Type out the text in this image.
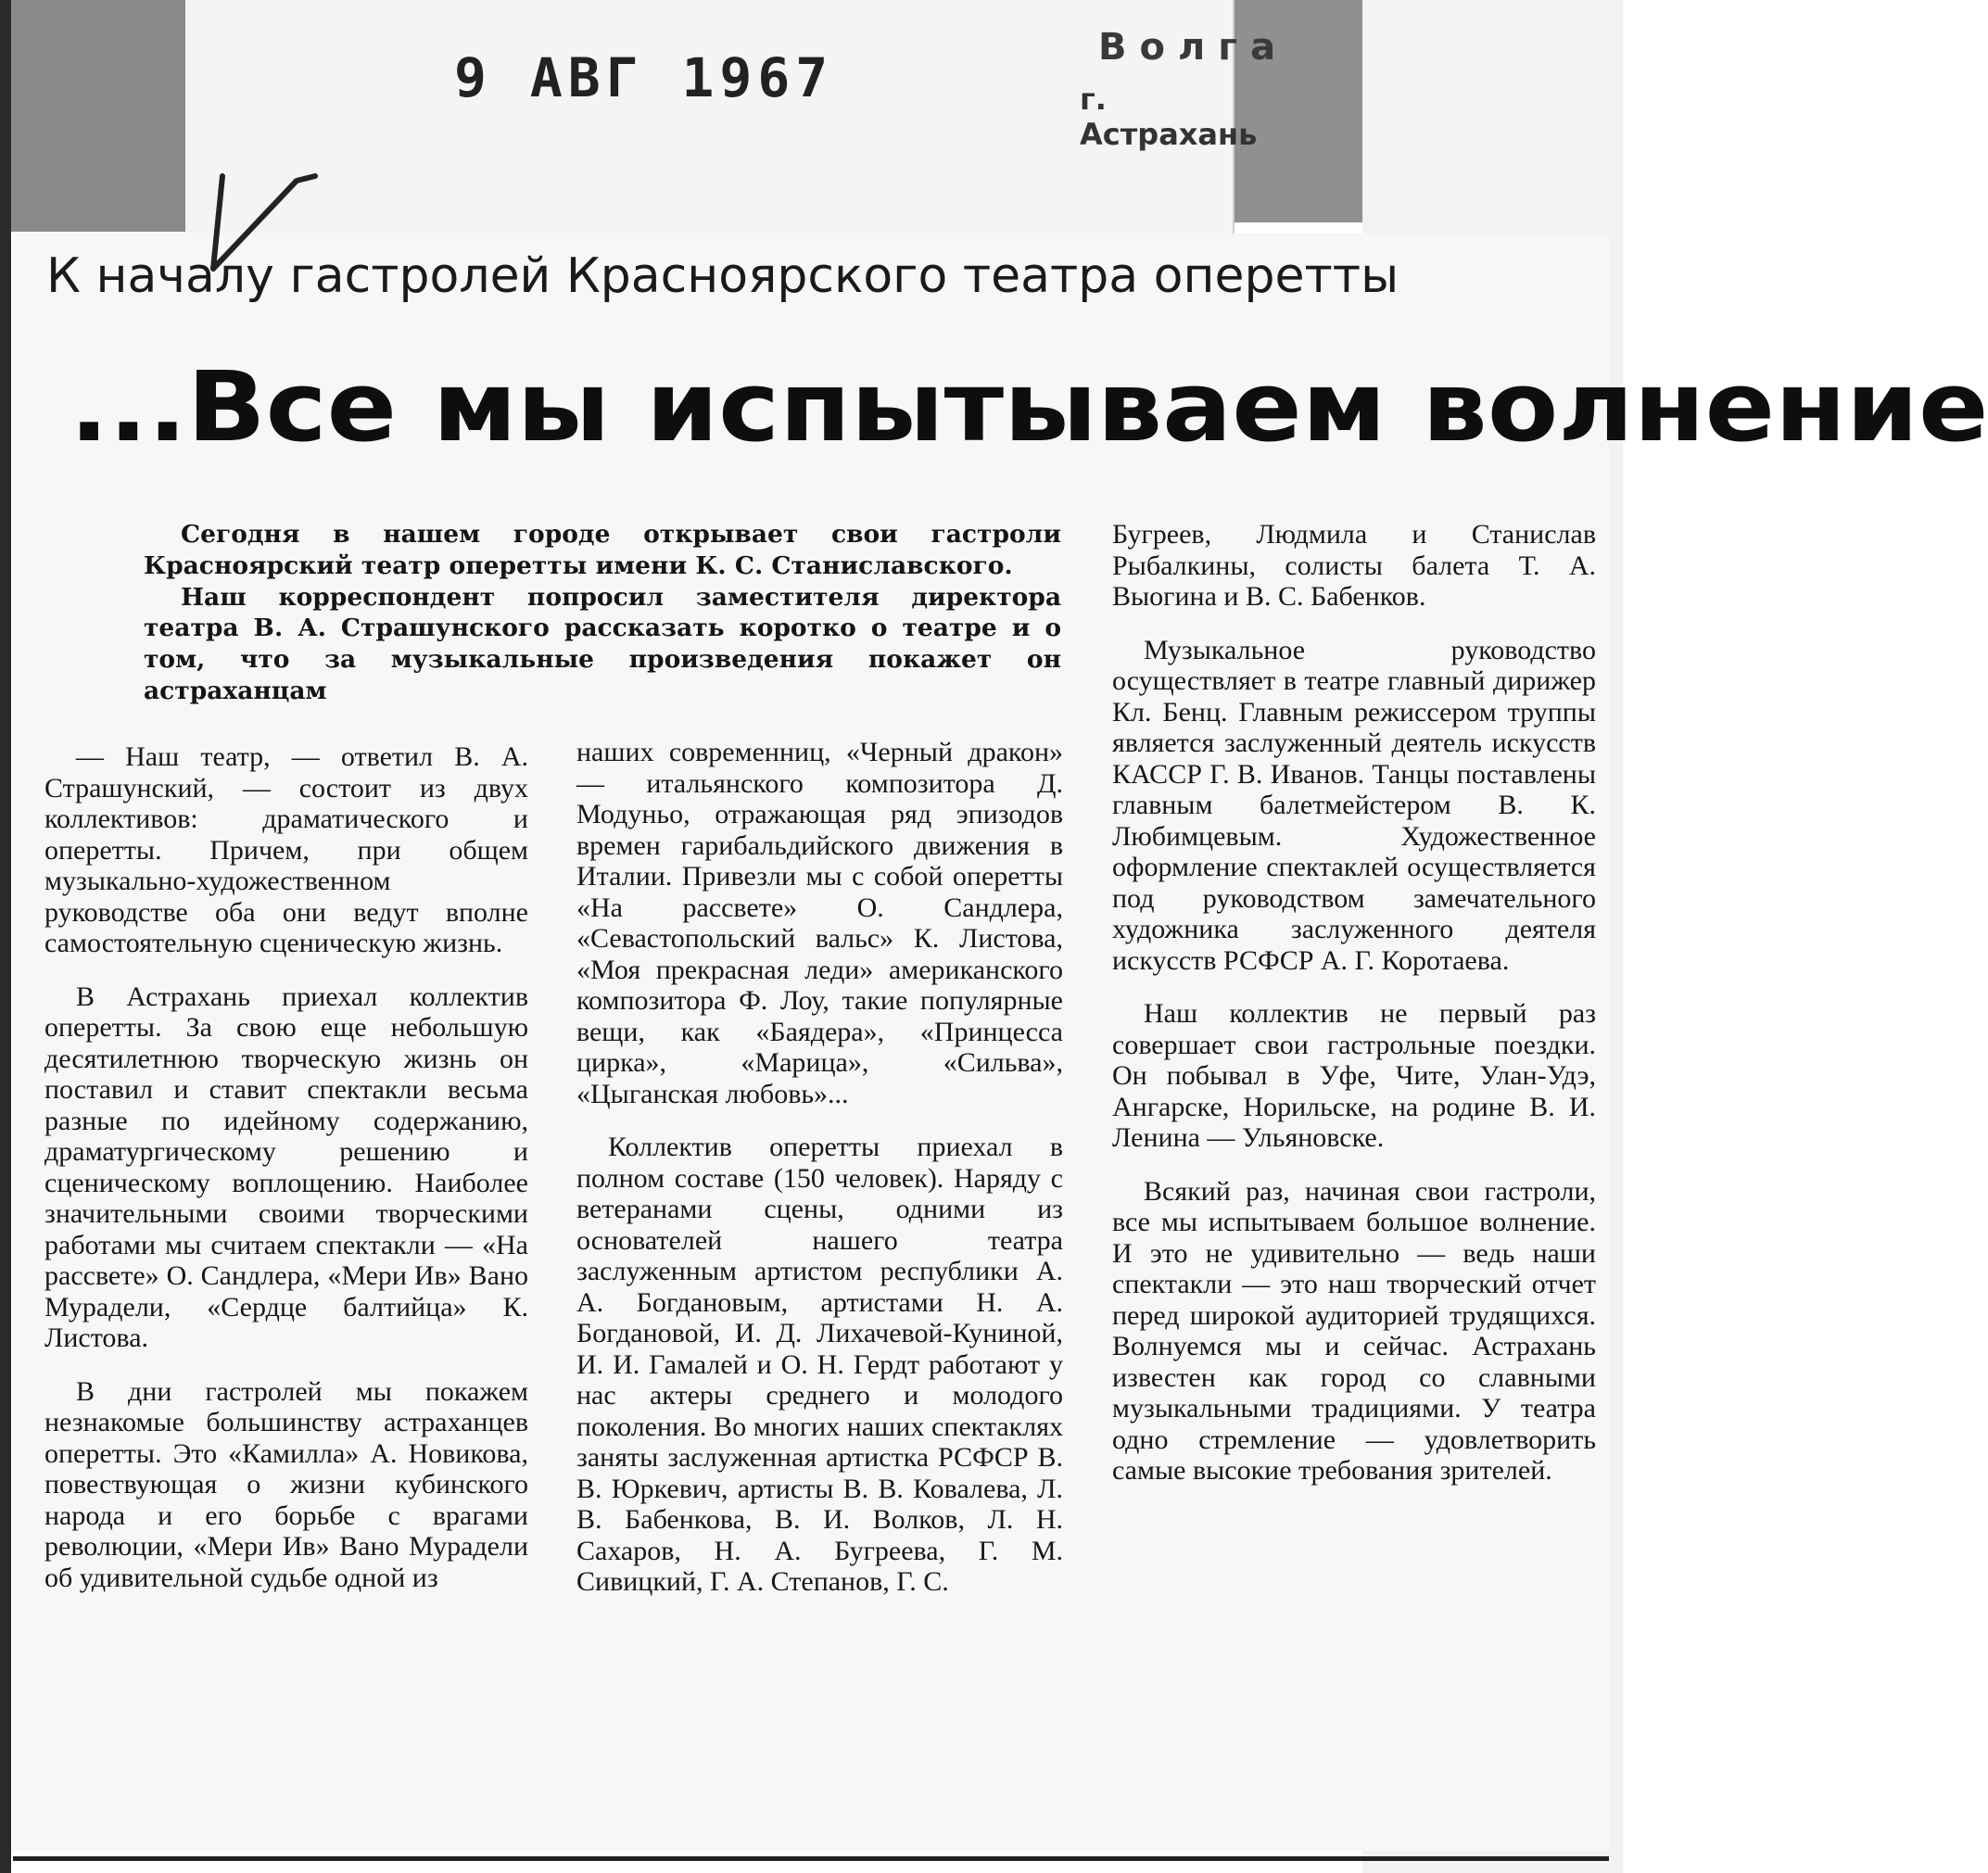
9 АВГ 1967	Волга
г. Астрахань
К началу гастролей Красноярского театра оперетты
...Все мы испытываем волнение

Сегодня в нашем городе открывает свои гастроли Красноярский театр оперетты имени К. С. Станиславского.

Наш корреспондент попросил заместителя директора театра В. А. Страшунского рассказать коротко о театре и о том, что за музыкальные произведения покажет он астраханцам

— Наш театр, — ответил В. А. Страшунский, — состоит из двух коллективов: драматического и оперетты. Причем, при общем музыкально-художественном руководстве оба они ведут вполне самостоятельную сценическую жизнь.

В Астрахань приехал коллектив оперетты. За свою еще небольшую десятилетнюю творческую жизнь он поставил и ставит спектакли весьма разные по идейному содержанию, драматургическому решению и сценическому воплощению. Наиболее значительными своими творческими работами мы считаем спектакли — «На рассвете» О. Сандлера, «Мери Ив» Вано Мурадели, «Сердце балтийца» К. Листова.

В дни гастролей мы покажем незнакомые большинству астраханцев оперетты. Это «Камилла» А. Новикова, повествующая о жизни кубинского народа и его борьбе с врагами революции, «Мери Ив» Вано Мурадели об удивительной судьбе одной из

наших современниц, «Черный дракон» — итальянского композитора Д. Модуньо, отражающая ряд эпизодов времен гарибальдийского движения в Италии. Привезли мы с собой оперетты «На рассвете» О. Сандлера, «Севастопольский вальс» К. Листова, «Моя прекрасная леди» американского композитора Ф. Лоу, такие популярные вещи, как «Баядера», «Принцесса цирка», «Марица», «Сильва», «Цыганская любовь»...

Коллектив оперетты приехал в полном составе (150 человек). Наряду с ветеранами сцены, одними из основателей нашего театра заслуженным артистом республики А. А. Богдановым, артистами Н. А. Богдановой, И. Д. Лихачевой-Куниной, И. И. Гамалей и О. Н. Гердт работают у нас актеры среднего и молодого поколения. Во многих наших спектаклях заняты заслуженная артистка РСФСР В. В. Юркевич, артисты В. В. Ковалева, Л. В. Бабенкова, В. И. Волков, Л. Н. Сахаров, Н. А. Бугреева, Г. М. Сивицкий, Г. А. Степанов, Г. С.

Бугреев, Людмила и Станислав Рыбалкины, солисты балета Т. А. Выогина и В. С. Бабенков.

Музыкальное руководство осуществляет в театре главный дирижер Кл. Бенц. Главным режиссером труппы является заслуженный деятель искусств КАССР Г. В. Иванов. Танцы поставлены главным балетмейстером В. К. Любимцевым. Художественное оформление спектаклей осуществляется под руководством замечательного художника заслуженного деятеля искусств РСФСР А. Г. Коротаева.

Наш коллектив не первый раз совершает свои гастрольные поездки. Он побывал в Уфе, Чите, Улан-Удэ, Ангарске, Норильске, на родине В. И. Ленина — Ульяновске.

Всякий раз, начиная свои гастроли, все мы испытываем большое волнение. И это не удивительно — ведь наши спектакли — это наш творческий отчет перед широкой аудиторией трудящихся. Волнуемся мы и сейчас. Астрахань известен как город со славными музыкальными традициями. У театра одно стремление — удовлетворить самые высокие требования зрителей.
